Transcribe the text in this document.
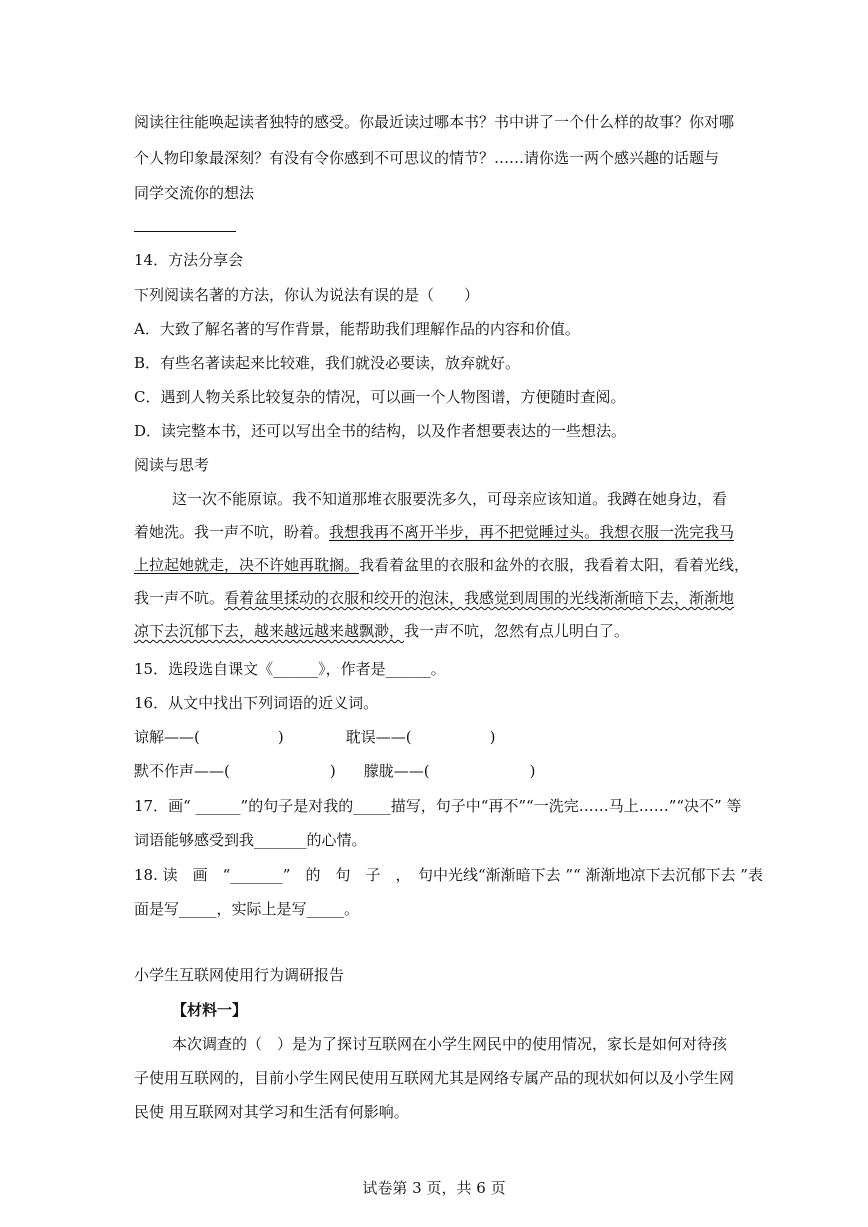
阅读往往能唤起读者独特的感受。你最近读过哪本书？书中讲了一个什么样的故事？你对哪
个人物印象最深刻？有没有令你感到不可思议的情节？……请你选一两个感兴趣的话题与
同学交流你的想法
14．方法分享会
下列阅读名著的方法，你认为说法有误的是（　　）
A．大致了解名著的写作背景，能帮助我们理解作品的内容和价值。
B．有些名著读起来比较难，我们就没必要读，放弃就好。
C．遇到人物关系比较复杂的情况，可以画一个人物图谱，方便随时查阅。
D．读完整本书，还可以写出全书的结构，以及作者想要表达的一些想法。
阅读与思考
这一次不能原谅。我不知道那堆衣服要洗多久，可母亲应该知道。我蹲在她身边，看
着她洗。我一声不吭，盼着。我想我再不离开半步，再不把觉睡过头。我想衣服一洗完我马
上拉起她就走，决不许她再耽搁。我看着盆里的衣服和盆外的衣服，我看着太阳，看着光线，
我一声不吭。看着盆里揉动的衣服和绞开的泡沫，我感觉到周围的光线渐渐暗下去，渐渐地
凉下去沉郁下去，越来越远越来越飘渺，我一声不吭，忽然有点儿明白了。
15．选段选自课文《______》，作者是______。
16．从文中找出下列词语的近义词。
谅解——(	)	耽误——(	)
默不作声——(	) 朦胧——(	)
17．画“ ______”的句子是对我的_____描写，句子中“再不”“一洗完……马上……”“决不” 等
词语能够感受到我_______的心情。
18. 读　画　“_______”　的　句　子　，　句中光线“渐渐暗下去 ”“ 渐渐地凉下去沉郁下去 ”表
面是写_____，实际上是写_____。
小学生互联网使用行为调研报告
【材料一】
本次调查的（　）是为了探讨互联网在小学生网民中的使用情况，家长是如何对待孩
子使用互联网的，目前小学生网民使用互联网尤其是网络专属产品的现状如何以及小学生网
民使 用互联网对其学习和生活有何影响。
试卷第 3 页，共 6 页
